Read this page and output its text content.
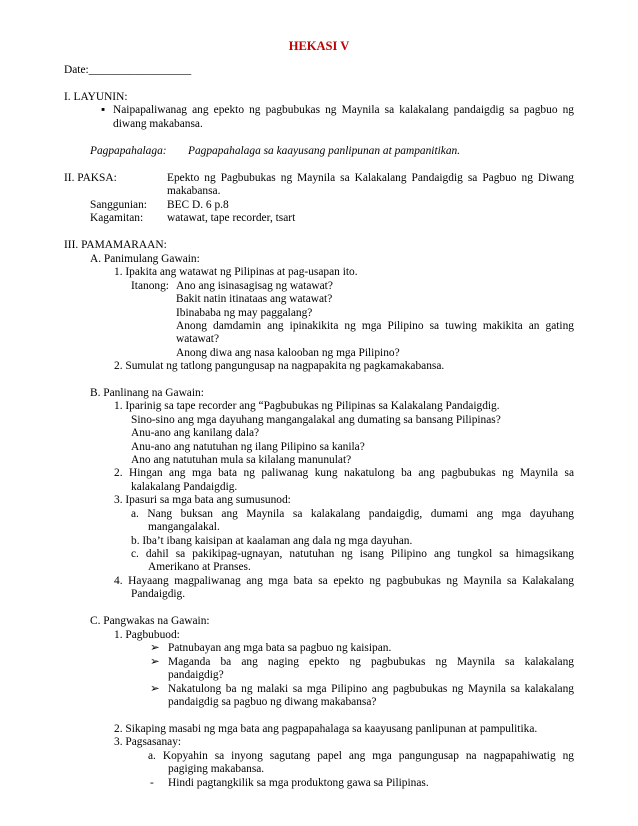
HEKASI V
Date:__________________
I. LAYUNIN:
▪ Naipapaliwanag ang epekto ng pagbubukas ng Maynila sa kalakalang pandaigdig sa pagbuo ng
diwang makabansa.
Pagpapahalaga: Pagpapahalaga sa kaayusang panlipunan at pampanitikan.
II. PAKSA:	Epekto ng Pagbubukas ng Maynila sa Kalakalang Pandaigdig sa Pagbuo ng Diwang
makabansa.
Sanggunian: BEC D. 6 p.8
Kagamitan: watawat, tape recorder, tsart
III. PAMAMARAAN:
A. Panimulang Gawain:
1. Ipakita ang watawat ng Pilipinas at pag-usapan ito.
Itanong: Ano ang isinasagisag ng watawat?
Bakit natin itinataas ang watawat?
Ibinababa ng may paggalang?
Anong damdamin ang ipinakikita ng mga Pilipino sa tuwing makikita an gating
watawat?
Anong diwa ang nasa kalooban ng mga Pilipino?
2. Sumulat ng tatlong pangungusap na nagpapakita ng pagkamakabansa.
B. Panlinang na Gawain:
1. Iparinig sa tape recorder ang “Pagbubukas ng Pilipinas sa Kalakalang Pandaigdig.
Sino-sino ang mga dayuhang mangangalakal ang dumating sa bansang Pilipinas?
Anu-ano ang kanilang dala?
Anu-ano ang natutuhan ng ilang Pilipino sa kanila?
Ano ang natutuhan mula sa kilalang manunulat?
2. Hingan ang mga bata ng paliwanag kung nakatulong ba ang pagbubukas ng Maynila sa
kalakalang Pandaigdig.
3. Ipasuri sa mga bata ang sumusunod:
a. Nang buksan ang Maynila sa kalakalang pandaigdig, dumami ang mga dayuhang
mangangalakal.
b. Iba’t ibang kaisipan at kaalaman ang dala ng mga dayuhan.
c. dahil sa pakikipag-ugnayan, natutuhan ng isang Pilipino ang tungkol sa himagsikang
Amerikano at Pranses.
4. Hayaang magpaliwanag ang mga bata sa epekto ng pagbubukas ng Maynila sa Kalakalang
Pandaigdig.
C. Pangwakas na Gawain:
1. Pagbubuod:
➢ Patnubayan ang mga bata sa pagbuo ng kaisipan.
➢ Maganda ba ang naging epekto ng pagbubukas ng Maynila sa kalakalang
pandaigdig?
➢ Nakatulong ba ng malaki sa mga Pilipino ang pagbubukas ng Maynila sa kalakalang
pandaigdig sa pagbuo ng diwang makabansa?
2. Sikaping masabi ng mga bata ang pagpapahalaga sa kaayusang panlipunan at pampulitika.
3. Pagsasanay:
a. Kopyahin sa inyong sagutang papel ang mga pangungusap na nagpapahiwatig ng
pagiging makabansa.
- Hindi pagtangkilik sa mga produktong gawa sa Pilipinas.
